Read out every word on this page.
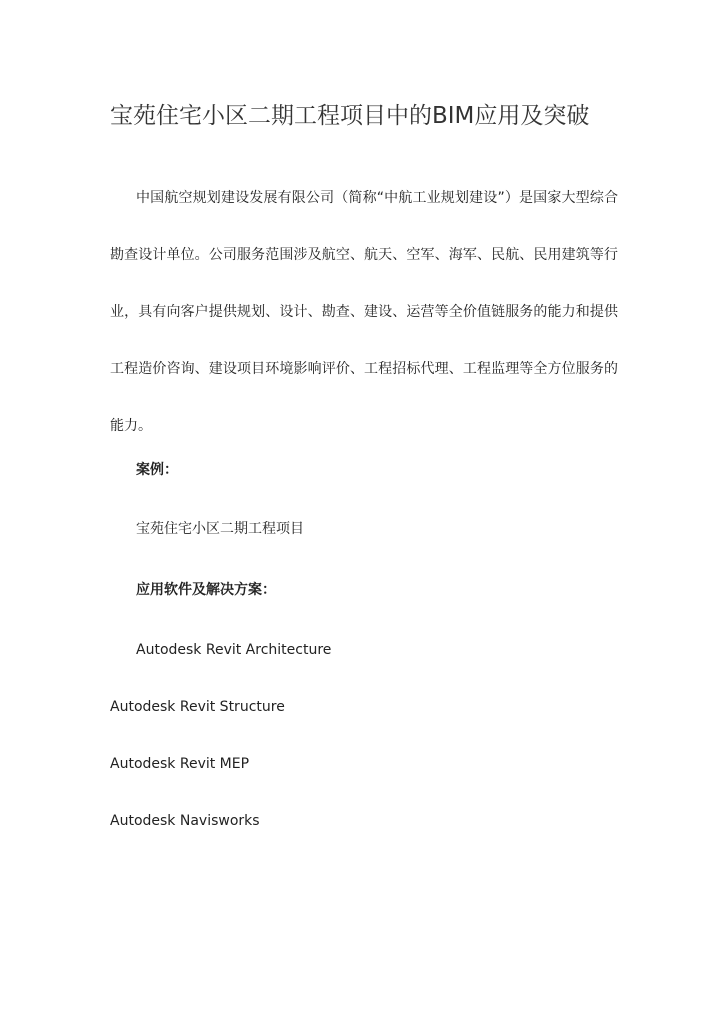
宝苑住宅小区二期工程项目中的BIM应用及突破

中国航空规划建设发展有限公司（简称“中航工业规划建设”）是国家大型综合勘查设计单位。公司服务范围涉及航空、航天、空军、海军、民航、民用建筑等行业，具有向客户提供规划、设计、勘查、建设、运营等全价值链服务的能力和提供工程造价咨询、建设项目环境影响评价、工程招标代理、工程监理等全方位服务的能力。

案例：

宝苑住宅小区二期工程项目

应用软件及解决方案：

Autodesk Revit Architecture

Autodesk Revit Structure

Autodesk Revit MEP

Autodesk Navisworks
